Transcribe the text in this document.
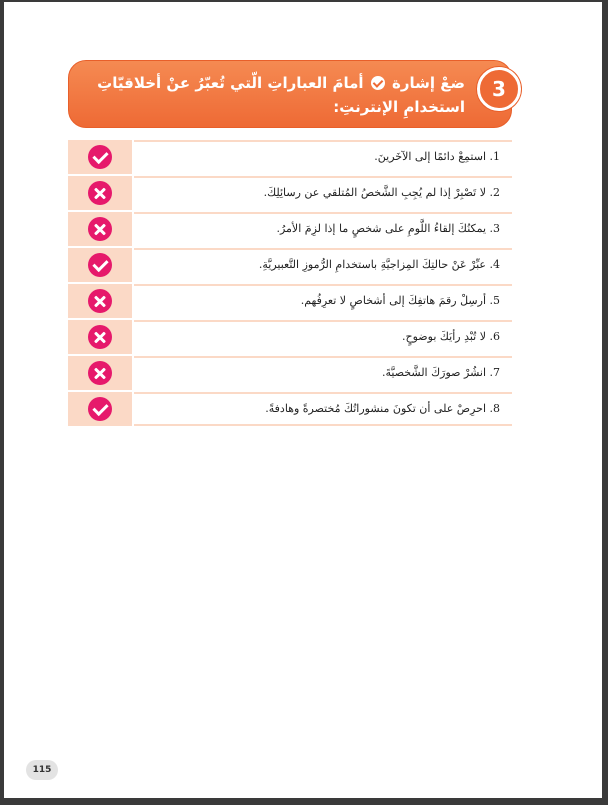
ضعْ إشارة  أمامَ العباراتِ الّتي تُعبّرُ عنْ أخلاقيّاتِ استخدامِ الإنترنتِ:
3
1. استمِعْ دائمًا إلى الآخَرينَ.
2. لا تَصْبِرْ إذا لم يُجِبِ الشَّخصُ المُتلقي عن رسائِلِكَ.
3. يمكنُكَ إلقاءُ اللَّومِ على شخصٍ ما إذا لزِمَ الأمرُ.
4. عبِّرْ عَنْ حالتِكَ المِزاجيَّةِ باستخدامِ الرُّموزِ التَّعبيريَّةِ.
5. أرسِلْ رقمَ هاتفِكَ إلى أشخاصٍ لا تعرِفُهم.
6. لا تُبْدِ رأيَكَ بوضوحٍ.
7. انشُرْ صورَكَ الشَّخصيَّةَ.
8. احرِصْ على أن تكونَ منشوراتُكَ مُختصرةً وهادفةً.
115
